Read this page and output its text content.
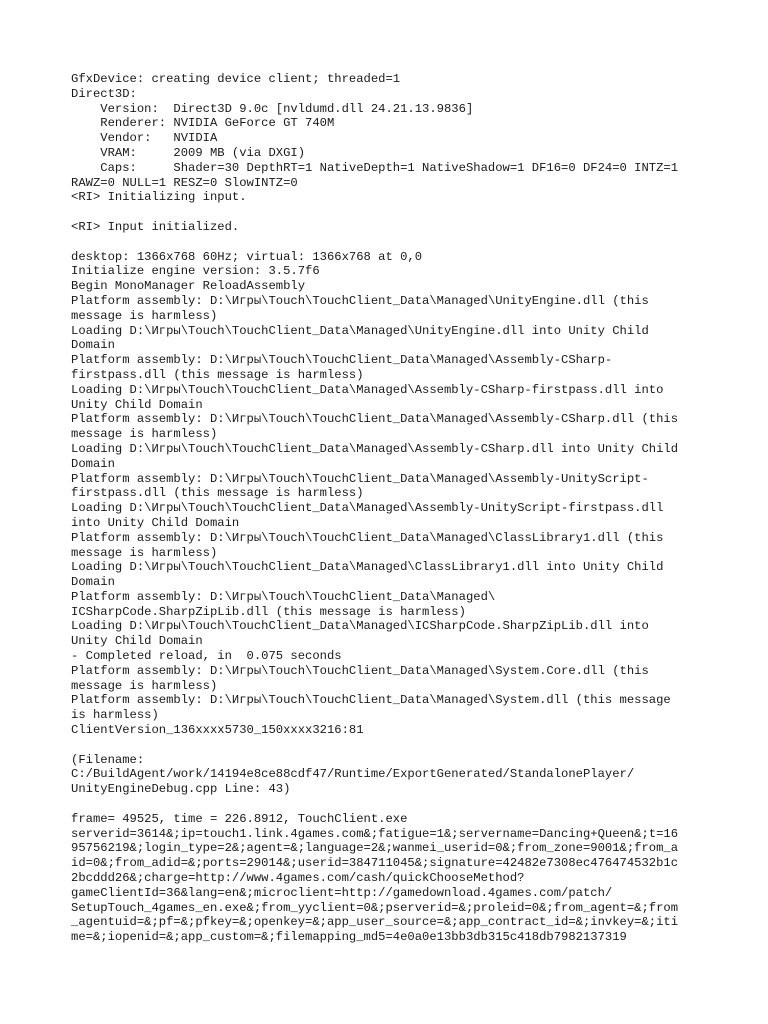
GfxDevice: creating device client; threaded=1
Direct3D:
Version:  Direct3D 9.0c [nvldumd.dll 24.21.13.9836]
Renderer: NVIDIA GeForce GT 740M
Vendor:   NVIDIA
VRAM:     2009 MB (via DXGI)
Caps:     Shader=30 DepthRT=1 NativeDepth=1 NativeShadow=1 DF16=0 DF24=0 INTZ=1
RAWZ=0 NULL=1 RESZ=0 SlowINTZ=0
<RI> Initializing input.
<RI> Input initialized.
desktop: 1366x768 60Hz; virtual: 1366x768 at 0,0
Initialize engine version: 3.5.7f6
Begin MonoManager ReloadAssembly
Platform assembly: D:\Игры\Touch\TouchClient_Data\Managed\UnityEngine.dll (this
message is harmless)
Loading D:\Игры\Touch\TouchClient_Data\Managed\UnityEngine.dll into Unity Child
Domain
Platform assembly: D:\Игры\Touch\TouchClient_Data\Managed\Assembly-CSharp-
firstpass.dll (this message is harmless)
Loading D:\Игры\Touch\TouchClient_Data\Managed\Assembly-CSharp-firstpass.dll into
Unity Child Domain
Platform assembly: D:\Игры\Touch\TouchClient_Data\Managed\Assembly-CSharp.dll (this
message is harmless)
Loading D:\Игры\Touch\TouchClient_Data\Managed\Assembly-CSharp.dll into Unity Child
Domain
Platform assembly: D:\Игры\Touch\TouchClient_Data\Managed\Assembly-UnityScript-
firstpass.dll (this message is harmless)
Loading D:\Игры\Touch\TouchClient_Data\Managed\Assembly-UnityScript-firstpass.dll
into Unity Child Domain
Platform assembly: D:\Игры\Touch\TouchClient_Data\Managed\ClassLibrary1.dll (this
message is harmless)
Loading D:\Игры\Touch\TouchClient_Data\Managed\ClassLibrary1.dll into Unity Child
Domain
Platform assembly: D:\Игры\Touch\TouchClient_Data\Managed\
ICSharpCode.SharpZipLib.dll (this message is harmless)
Loading D:\Игры\Touch\TouchClient_Data\Managed\ICSharpCode.SharpZipLib.dll into
Unity Child Domain
- Completed reload, in  0.075 seconds
Platform assembly: D:\Игры\Touch\TouchClient_Data\Managed\System.Core.dll (this
message is harmless)
Platform assembly: D:\Игры\Touch\TouchClient_Data\Managed\System.dll (this message
is harmless)
ClientVersion_136xxxx5730_150xxxx3216:81
(Filename:
C:/BuildAgent/work/14194e8ce88cdf47/Runtime/ExportGenerated/StandalonePlayer/
UnityEngineDebug.cpp Line: 43)
frame= 49525, time = 226.8912, TouchClient.exe
serverid=3614&;ip=touch1.link.4games.com&;fatigue=1&;servername=Dancing+Queen&;t=16
95756219&;login_type=2&;agent=&;language=2&;wanmei_userid=0&;from_zone=9001&;from_a
id=0&;from_adid=&;ports=29014&;userid=384711045&;signature=42482e7308ec476474532b1c
2bcddd26&;charge=http://www.4games.com/cash/quickChooseMethod?
gameClientId=36&lang=en&;microclient=http://gamedownload.4games.com/patch/
SetupTouch_4games_en.exe&;from_yyclient=0&;pserverid=&;proleid=0&;from_agent=&;from
_agentuid=&;pf=&;pfkey=&;openkey=&;app_user_source=&;app_contract_id=&;invkey=&;iti
me=&;iopenid=&;app_custom=&;filemapping_md5=4e0a0e13bb3db315c418db7982137319
